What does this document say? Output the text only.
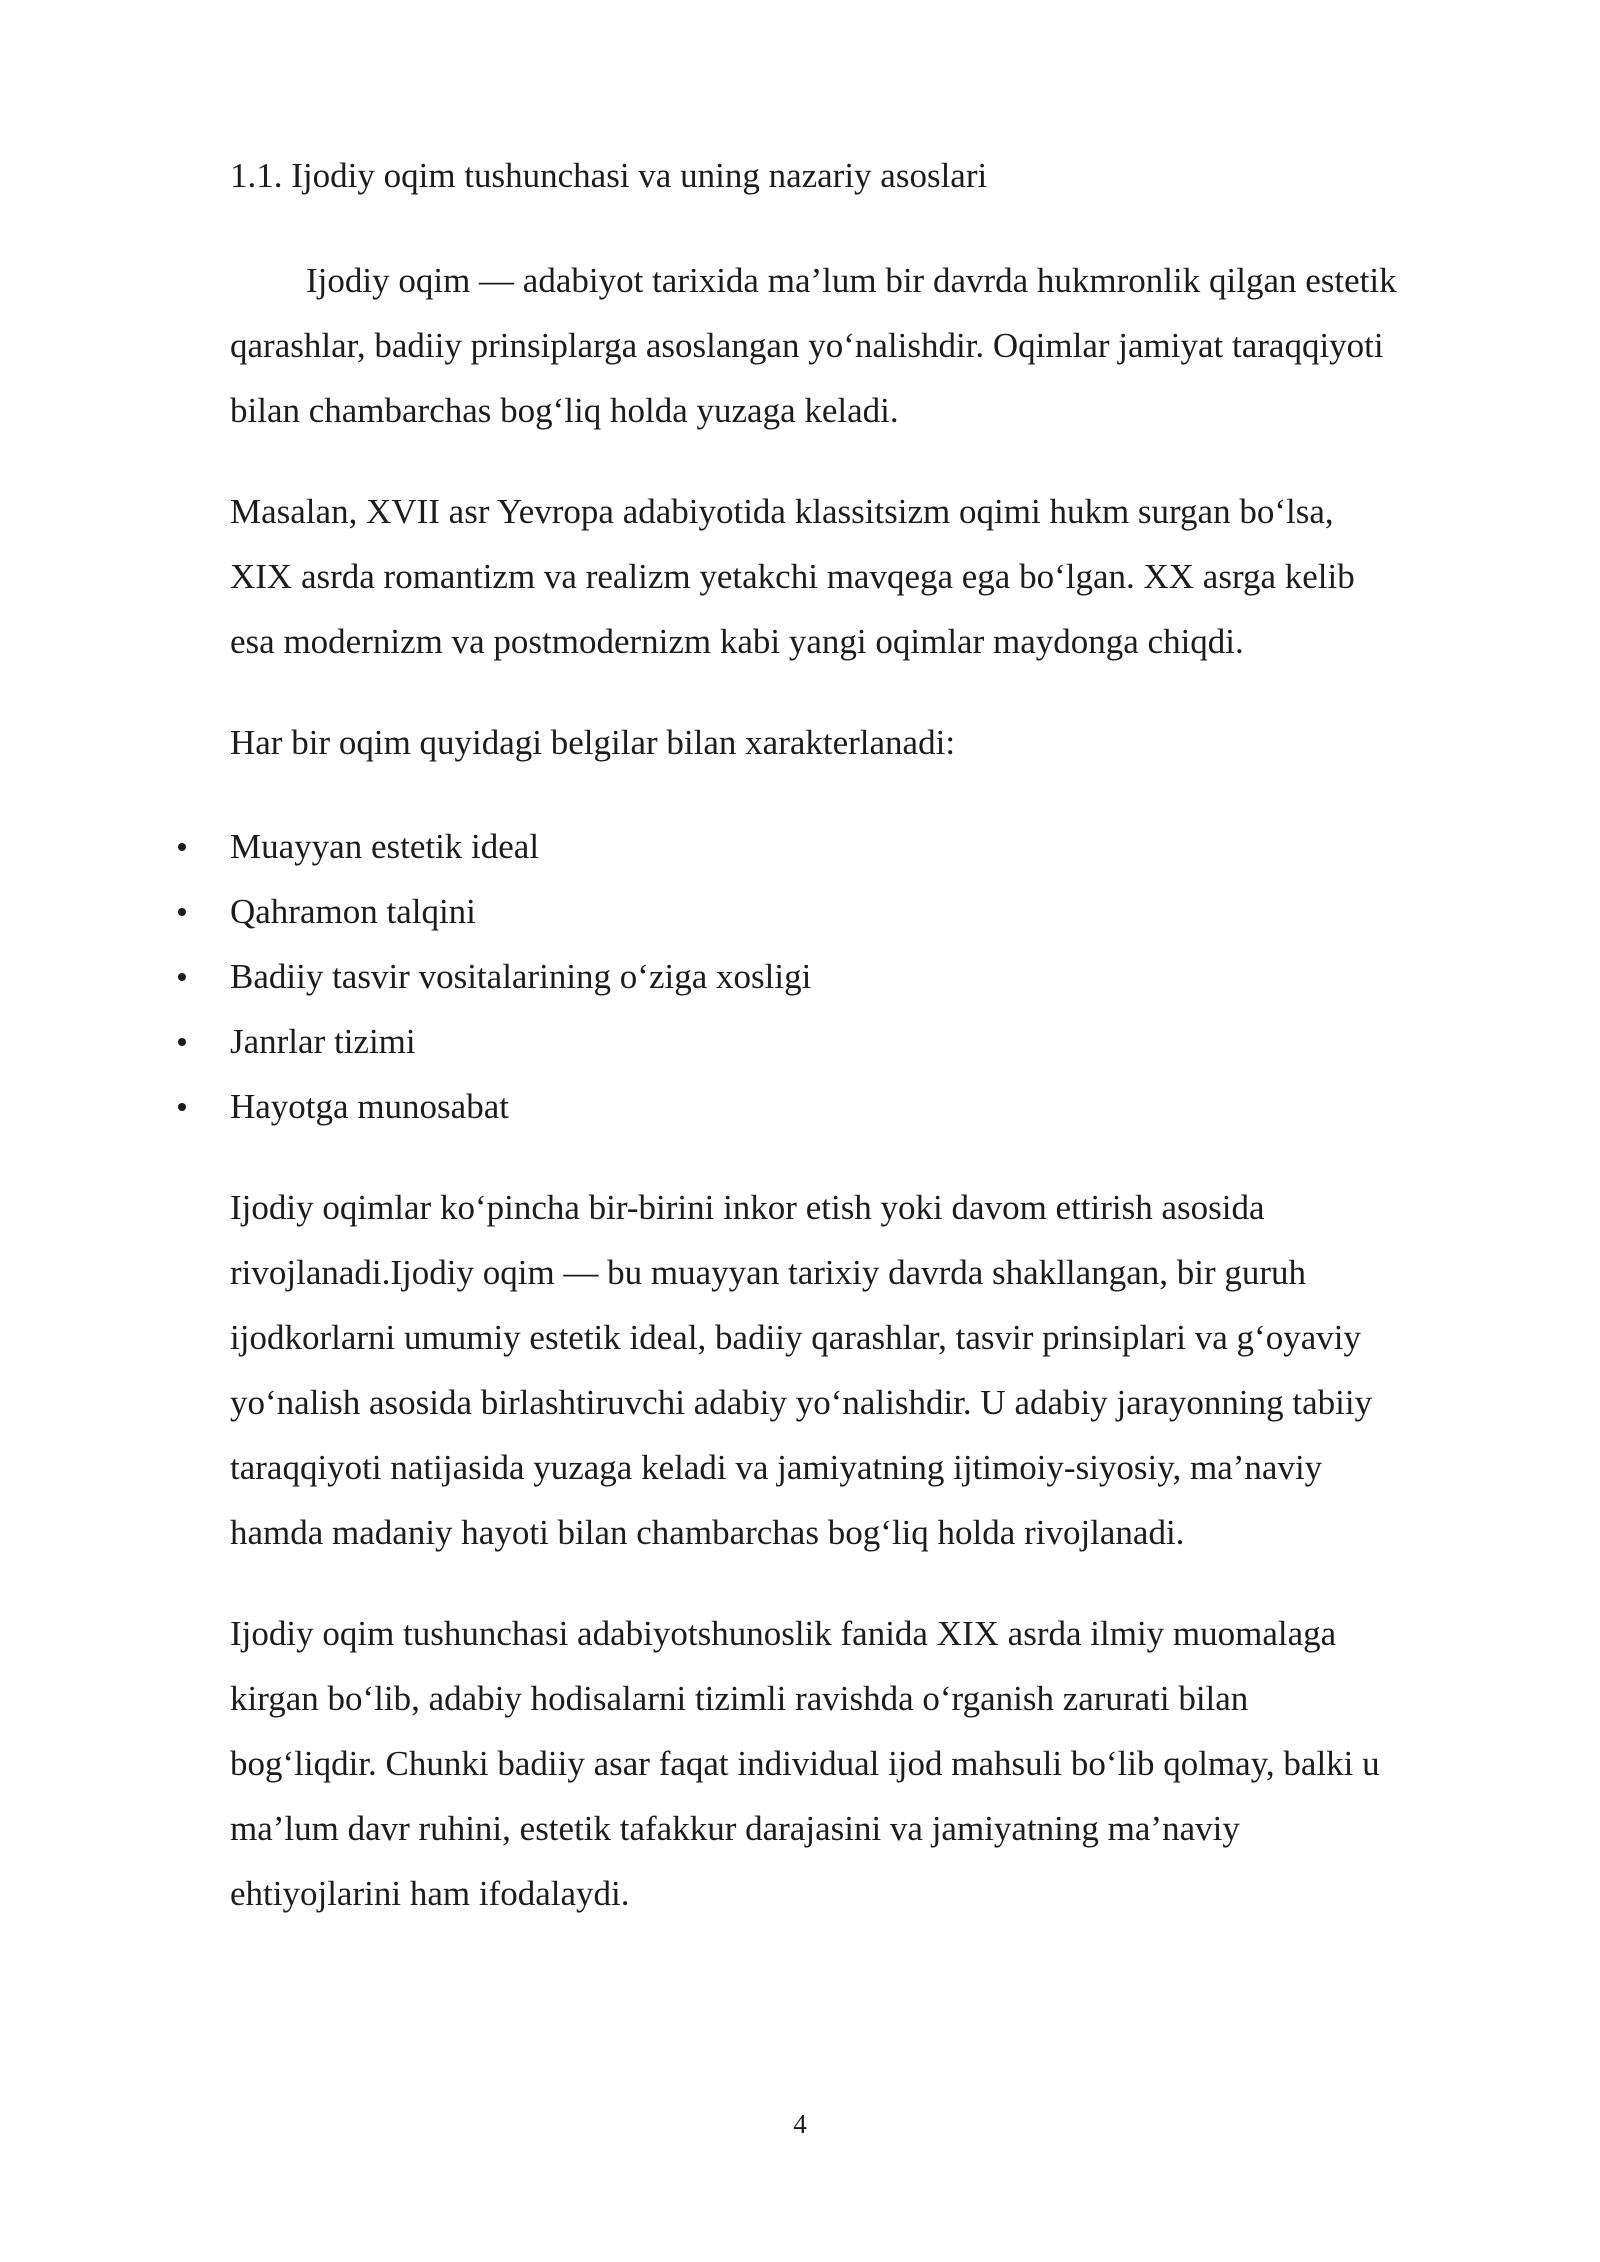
1.1. Ijodiy oqim tushunchasi va uning nazariy asoslari

Ijodiy oqim — adabiyot tarixida ma’lum bir davrda hukmronlik qilgan estetik
qarashlar, badiiy prinsiplarga asoslangan yo‘nalishdir. Oqimlar jamiyat taraqqiyoti
bilan chambarchas bog‘liq holda yuzaga keladi.

Masalan, XVII asr Yevropa adabiyotida klassitsizm oqimi hukm surgan bo‘lsa,
XIX asrda romantizm va realizm yetakchi mavqega ega bo‘lgan. XX asrga kelib
esa modernizm va postmodernizm kabi yangi oqimlar maydonga chiqdi.

Har bir oqim quyidagi belgilar bilan xarakterlanadi:

Muayyan estetik ideal
Qahramon talqini
Badiiy tasvir vositalarining o‘ziga xosligi
Janrlar tizimi
Hayotga munosabat

Ijodiy oqimlar ko‘pincha bir-birini inkor etish yoki davom ettirish asosida
rivojlanadi.Ijodiy oqim — bu muayyan tarixiy davrda shakllangan, bir guruh
ijodkorlarni umumiy estetik ideal, badiiy qarashlar, tasvir prinsiplari va g‘oyaviy
yo‘nalish asosida birlashtiruvchi adabiy yo‘nalishdir. U adabiy jarayonning tabiiy
taraqqiyoti natijasida yuzaga keladi va jamiyatning ijtimoiy-siyosiy, ma’naviy
hamda madaniy hayoti bilan chambarchas bog‘liq holda rivojlanadi.

Ijodiy oqim tushunchasi adabiyotshunoslik fanida XIX asrda ilmiy muomalaga
kirgan bo‘lib, adabiy hodisalarni tizimli ravishda o‘rganish zarurati bilan
bog‘liqdir. Chunki badiiy asar faqat individual ijod mahsuli bo‘lib qolmay, balki u
ma’lum davr ruhini, estetik tafakkur darajasini va jamiyatning ma’naviy
ehtiyojlarini ham ifodalaydi.

4
